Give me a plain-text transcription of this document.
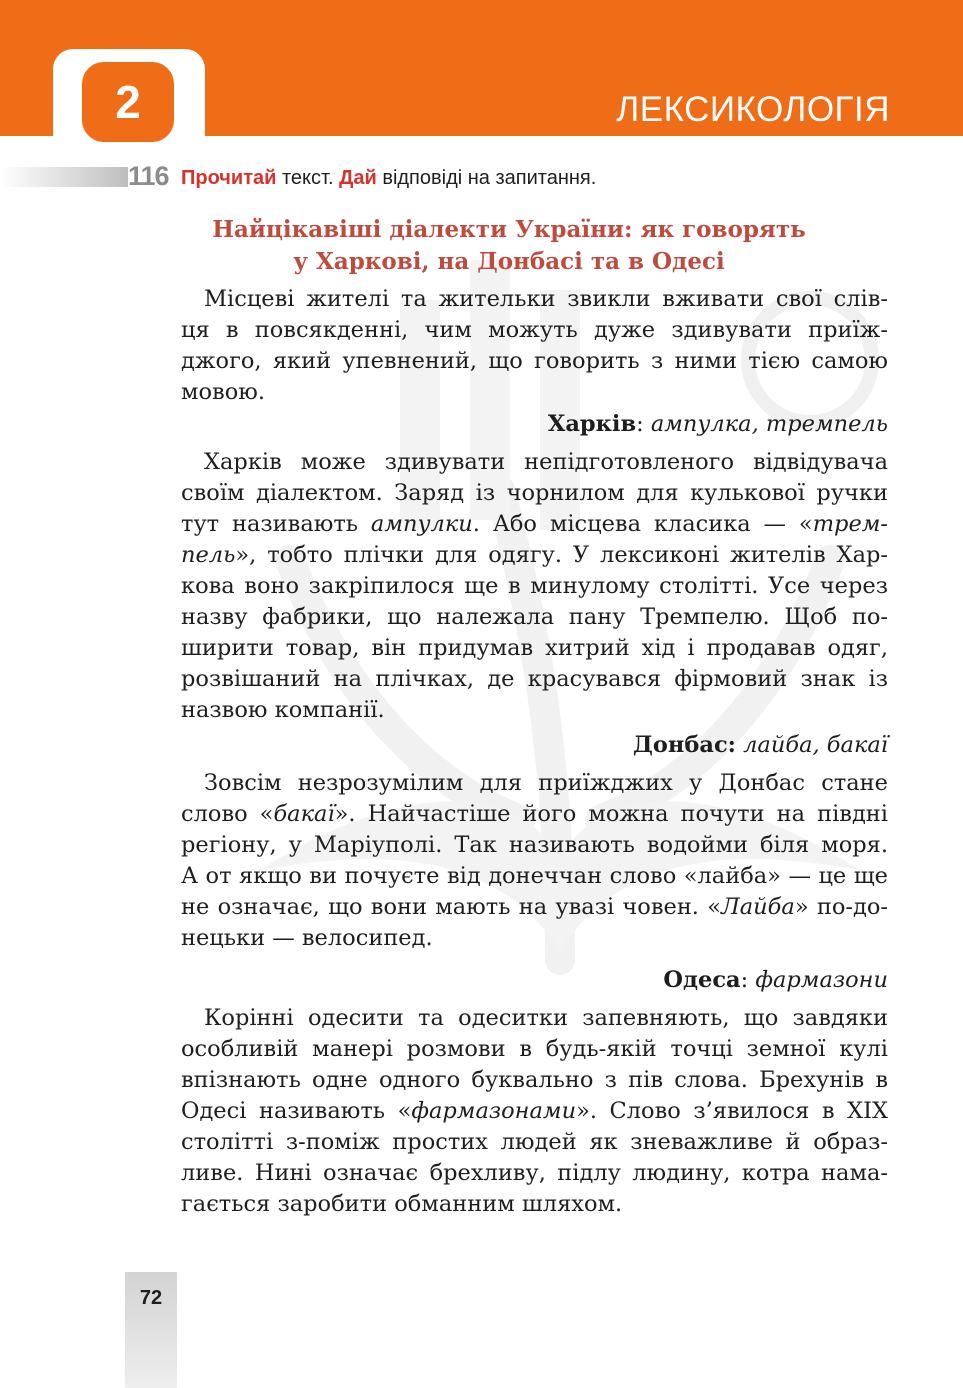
2	ЛЕКСИКОЛОГІЯ
116 Прочитай текст. Дай відповіді на запитання.
Найцікавіші діалекти України: як говорять
у Харкові, на Донбасі та в Одесі
Місцеві жителі та жительки звикли вживати свої слів-
ця в повсякденні, чим можуть дуже здивувати приїж-
джого, який упевнений, що говорить з ними тією самою
мовою.
Харків: ампулка, тремпель
Харків може здивувати непідготовленого відвідувача
своїм діалектом. Заряд із чорнилом для кулькової ручки
тут називають ампулки. Або місцева класика — «трем-
пель», тобто плічки для одягу. У лексиконі жителів Хар-
кова воно закріпилося ще в минулому столітті. Усе через
назву фабрики, що належала пану Тремпелю. Щоб по-
ширити товар, він придумав хитрий хід і продавав одяг,
розвішаний на плічках, де красувався фірмовий знак із
назвою компанії.
Донбас: лайба, бакаї
Зовсім незрозумілим для приїжджих у Донбас стане
слово «бакаї». Найчастіше його можна почути на півдні
регіону, у Маріуполі. Так називають водойми біля моря.
А от якщо ви почуєте від донеччан слово «лайба» — це ще
не означає, що вони мають на увазі човен. «Лайба» по-до-
нецьки — велосипед.
Одеса: фармазони
Корінні одесити та одеситки запевняють, що завдяки
особливій манері розмови в будь-якій точці земної кулі
впізнають одне одного буквально з пів слова. Брехунів в
Одесі називають «фармазонами». Слово з’явилося в XIX
столітті з-поміж простих людей як зневажливе й образ-
ливе. Нині означає брехливу, підлу людину, котра нама-
гається заробити обманним шляхом.
72
